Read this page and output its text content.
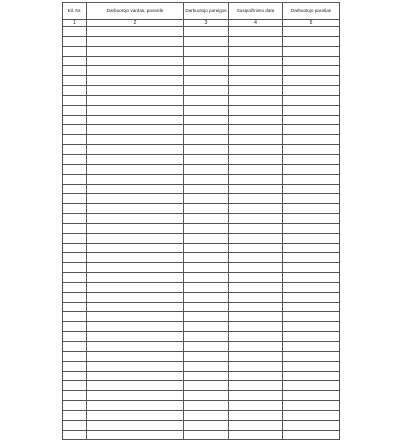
Eil. Nr.	Darbuotojo vardas, pavardė	Darbuotojo pareigos	Susipažinimo data	Darbuotojo parašas
1	2	3	4	5
